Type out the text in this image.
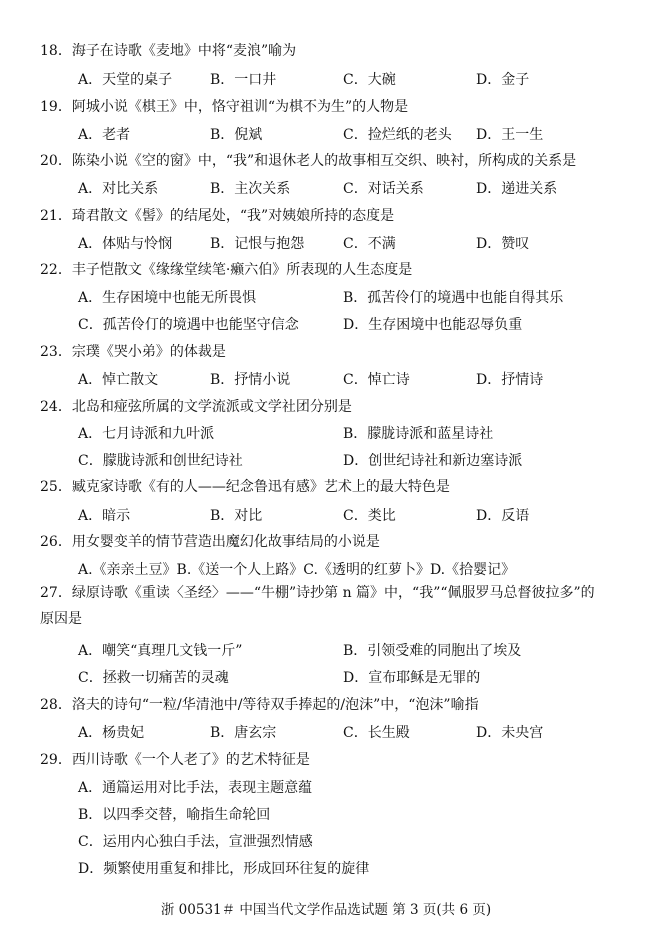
18．海子在诗歌《麦地》中将“麦浪”喻为
A．天堂的桌子	B．一口井	C．大碗	D．金子
19．阿城小说《棋王》中，恪守祖训“为棋不为生”的人物是
A．老者	B．倪斌	C．捡烂纸的老头 D．王一生
20．陈染小说《空的窗》中，“我”和退休老人的故事相互交织、映衬，所构成的关系是
A．对比关系	B．主次关系	C．对话关系	D．递进关系
21．琦君散文《髻》的结尾处，“我”对姨娘所持的态度是
A．体贴与怜悯	B．记恨与抱怨	C．不满	D．赞叹
22．丰子恺散文《缘缘堂续笔·癞六伯》所表现的人生态度是
A．生存困境中也能无所畏惧	B．孤苦伶仃的境遇中也能自得其乐
C．孤苦伶仃的境遇中也能坚守信念	D．生存困境中也能忍辱负重
23．宗璞《哭小弟》的体裁是
A．悼亡散文	B．抒情小说	C．悼亡诗	D．抒情诗
24．北岛和痖弦所属的文学流派或文学社团分别是
A．七月诗派和九叶派	B．朦胧诗派和蓝星诗社
C．朦胧诗派和创世纪诗社	D．创世纪诗社和新边塞诗派
25．臧克家诗歌《有的人——纪念鲁迅有感》艺术上的最大特色是
A．暗示	B．对比	C．类比	D．反语
26．用女婴变羊的情节营造出魔幻化故事结局的小说是
A.《亲亲土豆》B.《送一个人上路》C.《透明的红萝卜》D.《拾婴记》
27．绿原诗歌《重读〈圣经〉——“牛棚”诗抄第 n 篇》中，“我”“佩服罗马总督彼拉多”的原因是
A．嘲笑“真理几文钱一斤”	B．引领受难的同胞出了埃及
C．拯救一切痛苦的灵魂	D．宣布耶稣是无罪的
28．洛夫的诗句“一粒/华清池中/等待双手捧起的/泡沫”中，“泡沫”喻指
A．杨贵妃	B．唐玄宗	C．长生殿	D．未央宫
29．西川诗歌《一个人老了》的艺术特征是
A．通篇运用对比手法，表现主题意蕴
B．以四季交替，喻指生命轮回
C．运用内心独白手法，宣泄强烈情感
D．频繁使用重复和排比，形成回环往复的旋律
浙 00531＃ 中国当代文学作品选试题 第 3 页(共 6 页)
